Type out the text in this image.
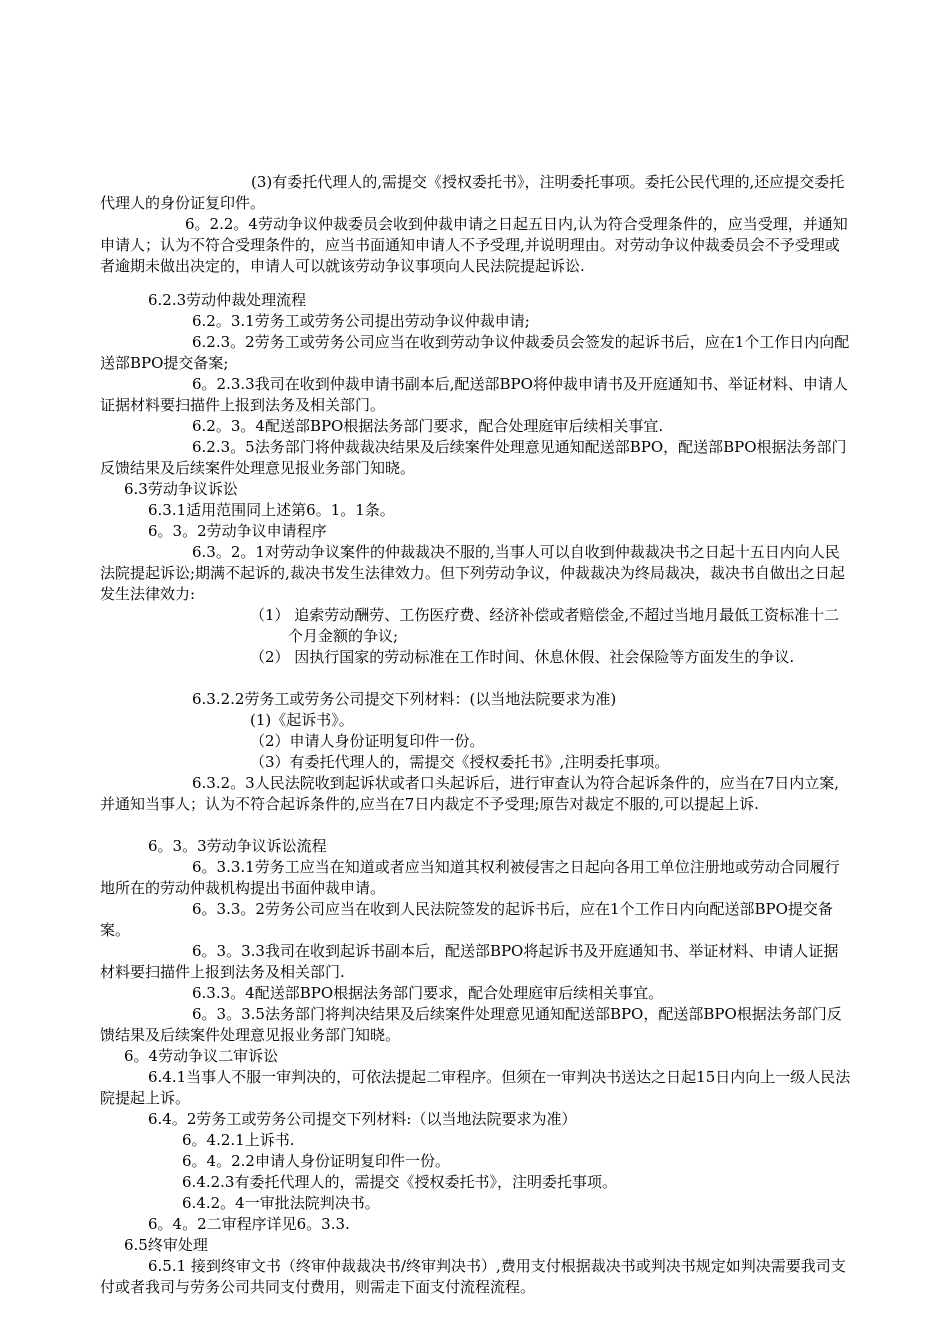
(3)有委托代理人的,需提交《授权委托书》，注明委托事项。委托公民代理的,还应提交委托代理人的身份证复印件。

6。2.2。4劳动争议仲裁委员会收到仲裁申请之日起五日内,认为符合受理条件的，应当受理，并通知申请人；认为不符合受理条件的，应当书面通知申请人不予受理,并说明理由。对劳动争议仲裁委员会不予受理或者逾期未做出决定的，申请人可以就该劳动争议事项向人民法院提起诉讼.

6.2.3劳动仲裁处理流程

6.2。3.1劳务工或劳务公司提出劳动争议仲裁申请;

6.2.3。2劳务工或劳务公司应当在收到劳动争议仲裁委员会签发的起诉书后，应在1个工作日内向配送部BPO提交备案;

6。2.3.3我司在收到仲裁申请书副本后,配送部BPO将仲裁申请书及开庭通知书、举证材料、申请人证据材料要扫描件上报到法务及相关部门。

6.2。3。4配送部BPO根据法务部门要求，配合处理庭审后续相关事宜.

6.2.3。5法务部门将仲裁裁决结果及后续案件处理意见通知配送部BPO，配送部BPO根据法务部门反馈结果及后续案件处理意见报业务部门知晓。

6.3劳动争议诉讼

6.3.1适用范围同上述第6。1。1条。

6。3。2劳动争议申请程序

6.3。2。1对劳动争议案件的仲裁裁决不服的,当事人可以自收到仲裁裁决书之日起十五日内向人民法院提起诉讼;期满不起诉的,裁决书发生法律效力。但下列劳动争议，仲裁裁决为终局裁决，裁决书自做出之日起发生法律效力:

（1） 追索劳动酬劳、工伤医疗费、经济补偿或者赔偿金,不超过当地月最低工资标准十二个月金额的争议;

（2） 因执行国家的劳动标准在工作时间、休息休假、社会保险等方面发生的争议.

6.3.2.2劳务工或劳务公司提交下列材料：(以当地法院要求为准)

(1)《起诉书》。

（2）申请人身份证明复印件一份。

（3）有委托代理人的，需提交《授权委托书》,注明委托事项。

6.3.2。3人民法院收到起诉状或者口头起诉后，进行审查认为符合起诉条件的，应当在7日内立案,并通知当事人；认为不符合起诉条件的,应当在7日内裁定不予受理;原告对裁定不服的,可以提起上诉.

6。3。3劳动争议诉讼流程

6。3.3.1劳务工应当在知道或者应当知道其权利被侵害之日起向各用工单位注册地或劳动合同履行地所在的劳动仲裁机构提出书面仲裁申请。

6。3.3。2劳务公司应当在收到人民法院签发的起诉书后，应在1个工作日内向配送部BPO提交备案。

6。3。3.3我司在收到起诉书副本后，配送部BPO将起诉书及开庭通知书、举证材料、申请人证据材料要扫描件上报到法务及相关部门.

6.3.3。4配送部BPO根据法务部门要求，配合处理庭审后续相关事宜。

6。3。3.5法务部门将判决结果及后续案件处理意见通知配送部BPO，配送部BPO根据法务部门反馈结果及后续案件处理意见报业务部门知晓。

6。4劳动争议二审诉讼

6.4.1当事人不服一审判决的，可依法提起二审程序。但须在一审判决书送达之日起15日内向上一级人民法院提起上诉。

6.4。2劳务工或劳务公司提交下列材料:（以当地法院要求为准）

6。4.2.1上诉书.

6。4。2.2申请人身份证明复印件一份。

6.4.2.3有委托代理人的，需提交《授权委托书》，注明委托事项。

6.4.2。4一审批法院判决书。

6。4。2二审程序详见6。3.3.

6.5终审处理

6.5.1 接到终审文书（终审仲裁裁决书/终审判决书）,费用支付根据裁决书或判决书规定如判决需要我司支付或者我司与劳务公司共同支付费用，则需走下面支付流程流程。
